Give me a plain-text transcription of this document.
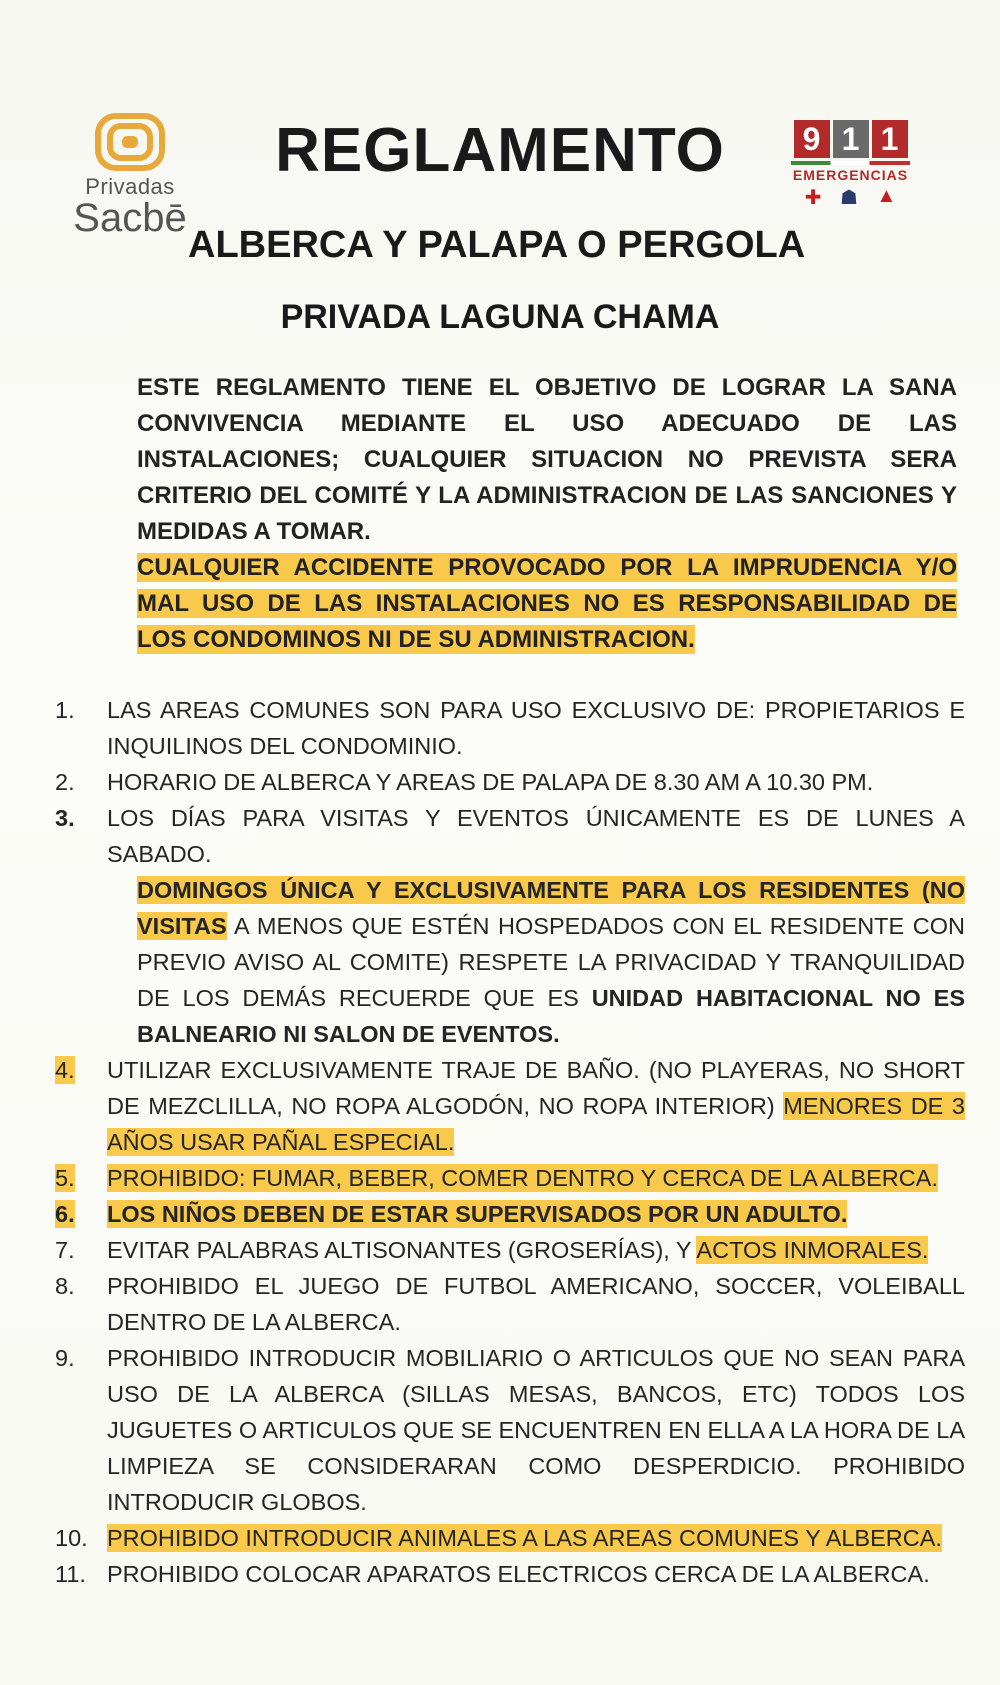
Privadas
Sacbē
REGLAMENTO	9 1 1
EMERGENCIAS
✚ ☗ ▲
ALBERCA Y PALAPA O PERGOLA
PRIVADA LAGUNA CHAMA
ESTE REGLAMENTO TIENE EL OBJETIVO DE LOGRAR LA SANA CONVIVENCIA MEDIANTE EL USO ADECUADO DE LAS INSTALACIONES; CUALQUIER SITUACION NO PREVISTA SERA CRITERIO DEL COMITÉ Y LA ADMINISTRACION DE LAS SANCIONES Y MEDIDAS A TOMAR.
CUALQUIER ACCIDENTE PROVOCADO POR LA IMPRUDENCIA Y/O MAL USO DE LAS INSTALACIONES NO ES RESPONSABILIDAD DE LOS CONDOMINOS NI DE SU ADMINISTRACION.
1.	LAS AREAS COMUNES SON PARA USO EXCLUSIVO DE: PROPIETARIOS E INQUILINOS DEL CONDOMINIO.
2.	HORARIO DE ALBERCA Y AREAS DE PALAPA DE 8.30 AM A 10.30 PM.
3.	LOS DÍAS PARA VISITAS Y EVENTOS ÚNICAMENTE ES DE LUNES A SABADO.
DOMINGOS ÚNICA Y EXCLUSIVAMENTE PARA LOS RESIDENTES (NO VISITAS A MENOS QUE ESTÉN HOSPEDADOS CON EL RESIDENTE CON PREVIO AVISO AL COMITE) RESPETE LA PRIVACIDAD Y TRANQUILIDAD DE LOS DEMÁS RECUERDE QUE ES UNIDAD HABITACIONAL NO ES BALNEARIO NI SALON DE EVENTOS.
4.	UTILIZAR EXCLUSIVAMENTE TRAJE DE BAÑO. (NO PLAYERAS, NO SHORT DE MEZCLILLA, NO ROPA ALGODÓN, NO ROPA INTERIOR) MENORES DE 3 AÑOS USAR PAÑAL ESPECIAL.
5.	PROHIBIDO: FUMAR, BEBER, COMER DENTRO Y CERCA DE LA ALBERCA.
6.	LOS NIÑOS DEBEN DE ESTAR SUPERVISADOS POR UN ADULTO.
7.	EVITAR PALABRAS ALTISONANTES (GROSERÍAS), Y ACTOS INMORALES.
8.	PROHIBIDO EL JUEGO DE FUTBOL AMERICANO, SOCCER, VOLEIBALL DENTRO DE LA ALBERCA.
9.	PROHIBIDO INTRODUCIR MOBILIARIO O ARTICULOS QUE NO SEAN PARA USO DE LA ALBERCA (SILLAS MESAS, BANCOS, ETC) TODOS LOS JUGUETES O ARTICULOS QUE SE ENCUENTREN EN ELLA A LA HORA DE LA LIMPIEZA SE CONSIDERARAN COMO DESPERDICIO. PROHIBIDO INTRODUCIR GLOBOS.
10. PROHIBIDO INTRODUCIR ANIMALES A LAS AREAS COMUNES Y ALBERCA.
11. PROHIBIDO COLOCAR APARATOS ELECTRICOS CERCA DE LA ALBERCA.
